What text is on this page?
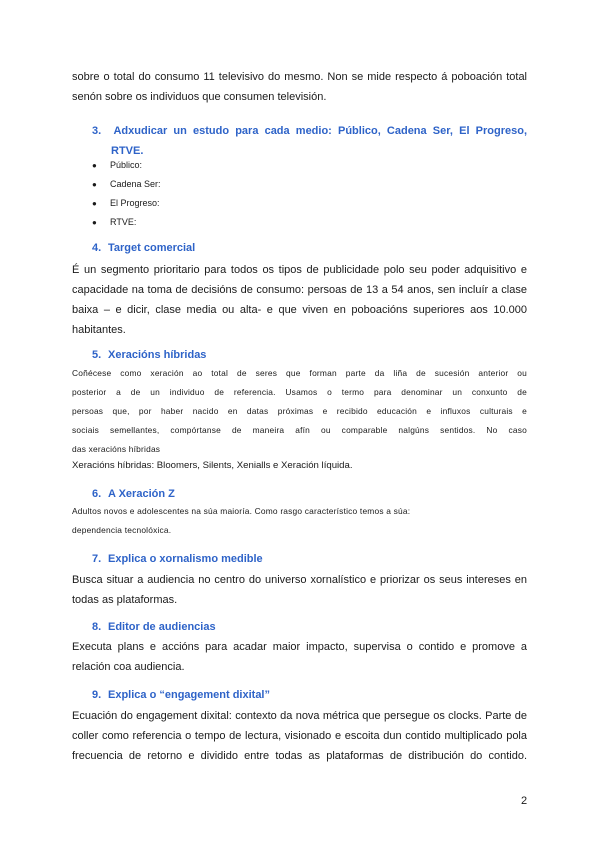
sobre o total do consumo 11 televisivo do mesmo. Non se mide respecto á poboación total
senón sobre os individuos que consumen televisión.

3. Adxudicar un estudo para cada medio: Público, Cadena Ser, El Progreso,
RTVE.
● Público:
● Cadena Ser:
● El Progreso:
● RTVE:
4. Target comercial

É un segmento prioritario para todos os tipos de publicidade polo seu poder adquisitivo e
capacidade na toma de decisións de consumo: persoas de 13 a 54 anos, sen incluír a clase
baixa – e dicir, clase media ou alta- e que viven en poboacións superiores aos 10.000
habitantes.

5. Xeracións híbridas

Coñécese como xeración ao total de seres que forman parte da liña de sucesión anterior ou
posterior a de un individuo de referencia. Usamos o termo para denominar un conxunto de
persoas que, por haber nacido en datas próximas e recibido educación e influxos culturais e
sociais semellantes, compórtanse de maneira afín ou comparable nalgúns sentidos. No caso
das xeracións híbridas

Xeracións híbridas: Bloomers, Silents, Xenialls e Xeración líquida.

6. A Xeración Z

Adultos novos e adolescentes na súa maioría. Como rasgo característico temos a súa:
dependencia tecnolóxica.

7. Explica o xornalismo medible

Busca situar a audiencia no centro do universo xornalístico e priorizar os seus intereses en
todas as plataformas.

8. Editor de audiencias

Executa plans e accións para acadar maior impacto, supervisa o contido e promove a
relación coa audiencia.

9. Explica o “engagement dixital”

Ecuación do engagement dixital: contexto da nova métrica que persegue os clocks. Parte de
coller como referencia o tempo de lectura, visionado e escoita dun contido multiplicado pola
frecuencia de retorno e dividido entre todas as plataformas de distribución do contido.

2
